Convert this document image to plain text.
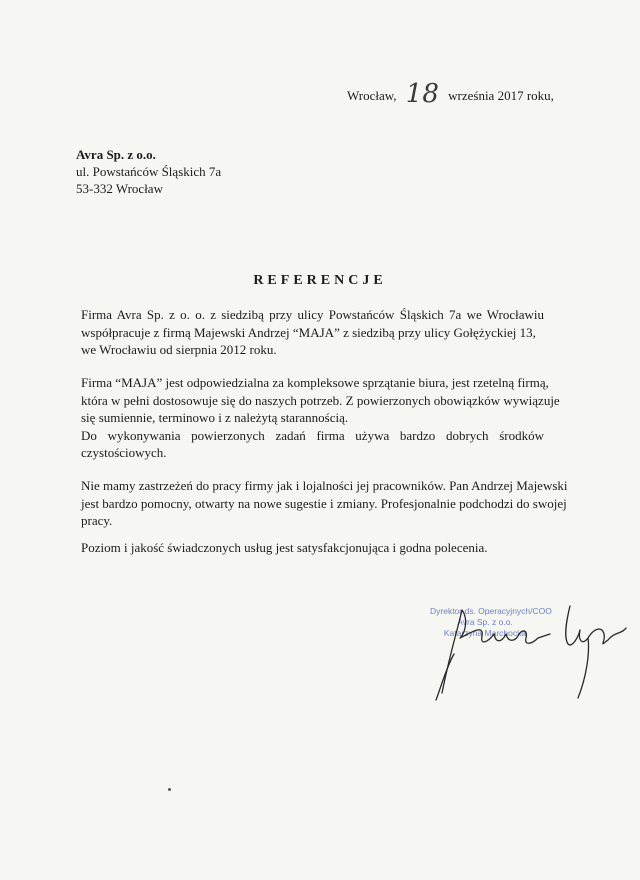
Wrocław, 18 września 2017 roku,
Avra Sp. z o.o.
ul. Powstańców Śląskich 7a
53-332 Wrocław
REFERENCJE
Firma Avra Sp. z o. o. z siedzibą przy ulicy Powstańców Śląskich 7a we Wrocławiu
współpracuje z firmą Majewski Andrzej “MAJA” z siedzibą przy ulicy Gołężyckiej 13,
we Wrocławiu od sierpnia 2012 roku.
Firma “MAJA” jest odpowiedzialna za kompleksowe sprzątanie biura, jest rzetelną firmą,
która w pełni dostosowuje się do naszych potrzeb. Z powierzonych obowiązków wywiązuje
się sumiennie, terminowo i z należytą starannością.
Do wykonywania powierzonych zadań firma używa bardzo dobrych środków
czystościowych.
Nie mamy zastrzeżeń do pracy firmy jak i lojalności jej pracowników. Pan Andrzej Majewski
jest bardzo pomocny, otwarty na nowe sugestie i zmiany. Profesjonalnie podchodzi do swojej
pracy.
Poziom i jakość świadczonych usług jest satysfakcjonująca i godna polecenia.
Dyrektor ds. Operacyjnych/COO
Avra Sp. z o.o.
Katarzyna Marchocka
